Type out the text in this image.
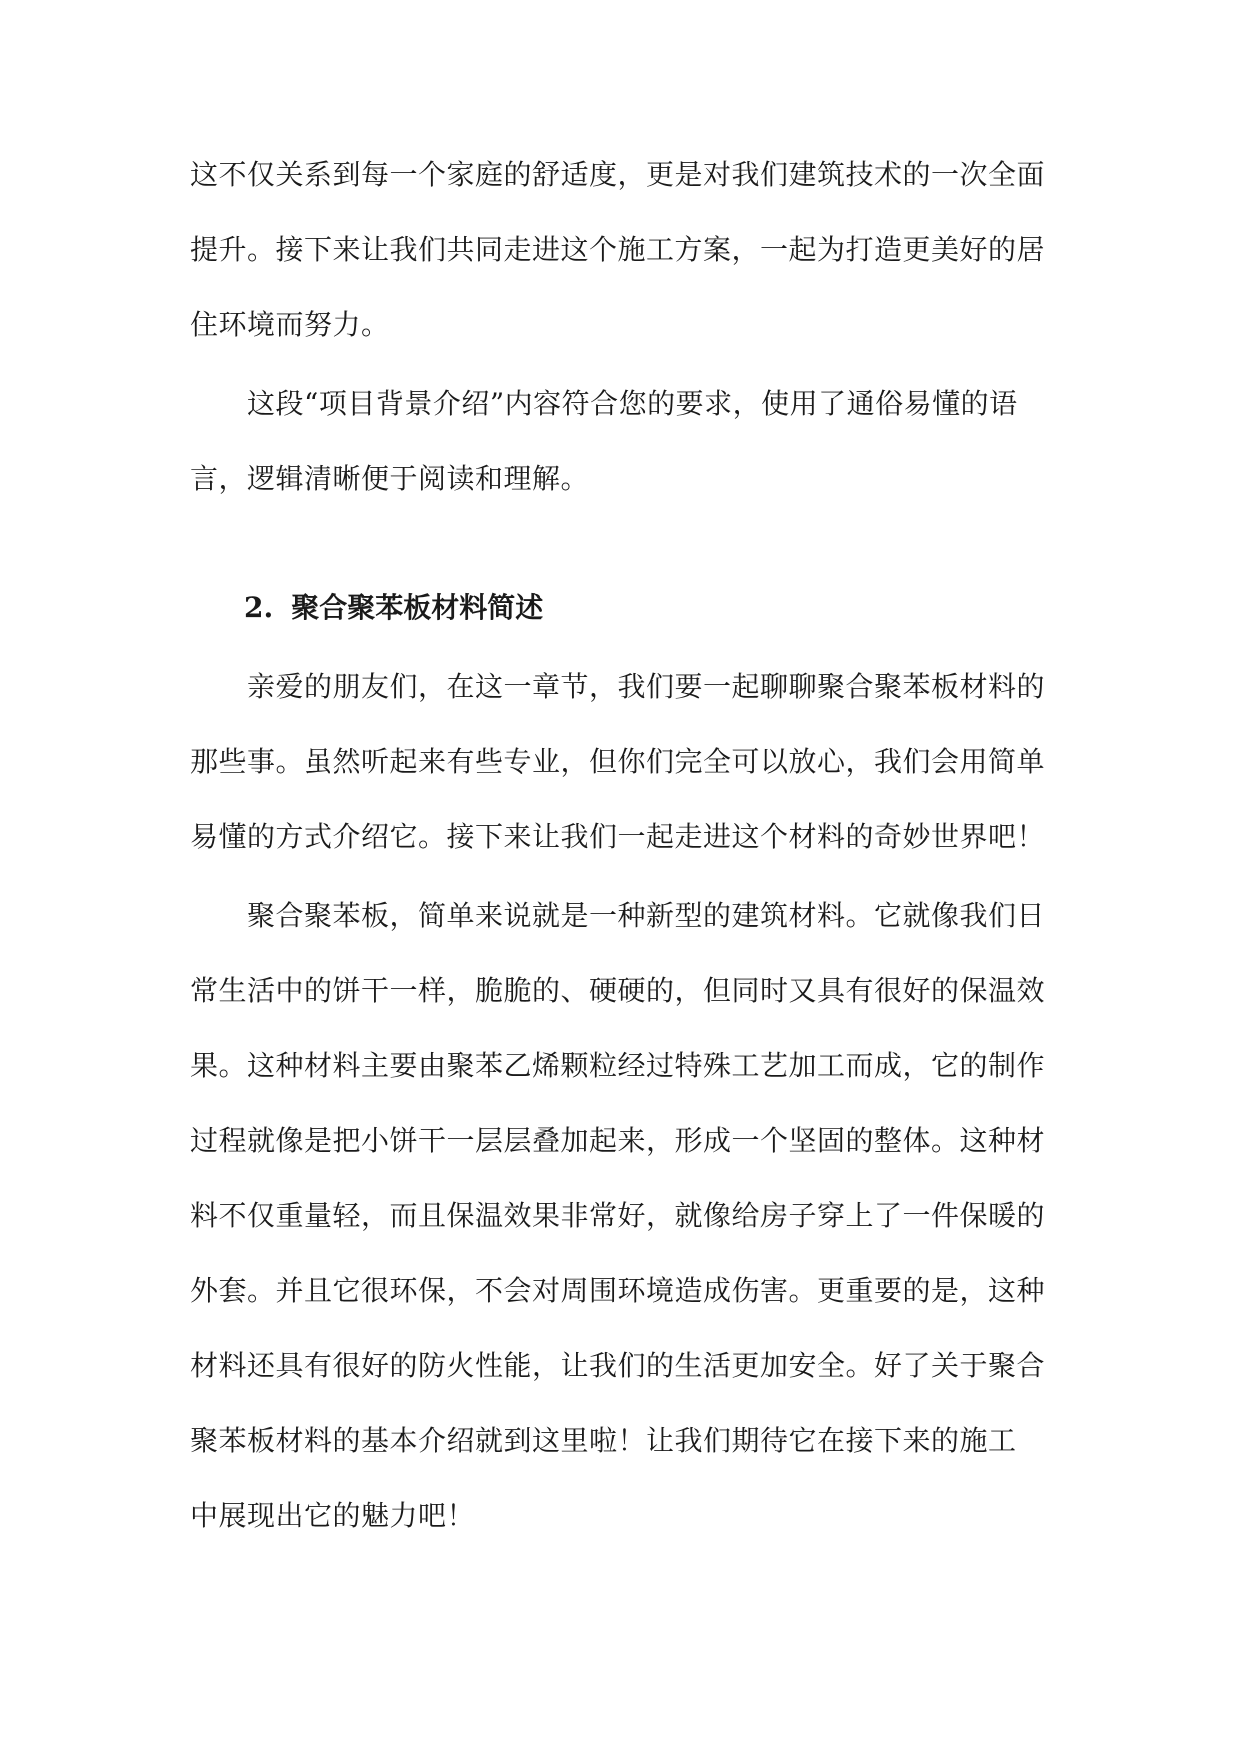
这不仅关系到每一个家庭的舒适度，更是对我们建筑技术的一次全面
提升。接下来让我们共同走进这个施工方案，一起为打造更美好的居
住环境而努力。
这段“项目背景介绍”内容符合您的要求，使用了通俗易懂的语
言，逻辑清晰便于阅读和理解。
2. 聚合聚苯板材料简述
亲爱的朋友们，在这一章节，我们要一起聊聊聚合聚苯板材料的
那些事。虽然听起来有些专业，但你们完全可以放心，我们会用简单
易懂的方式介绍它。接下来让我们一起走进这个材料的奇妙世界吧！
聚合聚苯板，简单来说就是一种新型的建筑材料。它就像我们日
常生活中的饼干一样，脆脆的、硬硬的，但同时又具有很好的保温效
果。这种材料主要由聚苯乙烯颗粒经过特殊工艺加工而成，它的制作
过程就像是把小饼干一层层叠加起来，形成一个坚固的整体。这种材
料不仅重量轻，而且保温效果非常好，就像给房子穿上了一件保暖的
外套。并且它很环保，不会对周围环境造成伤害。更重要的是，这种
材料还具有很好的防火性能，让我们的生活更加安全。好了关于聚合
聚苯板材料的基本介绍就到这里啦！让我们期待它在接下来的施工
中展现出它的魅力吧！
